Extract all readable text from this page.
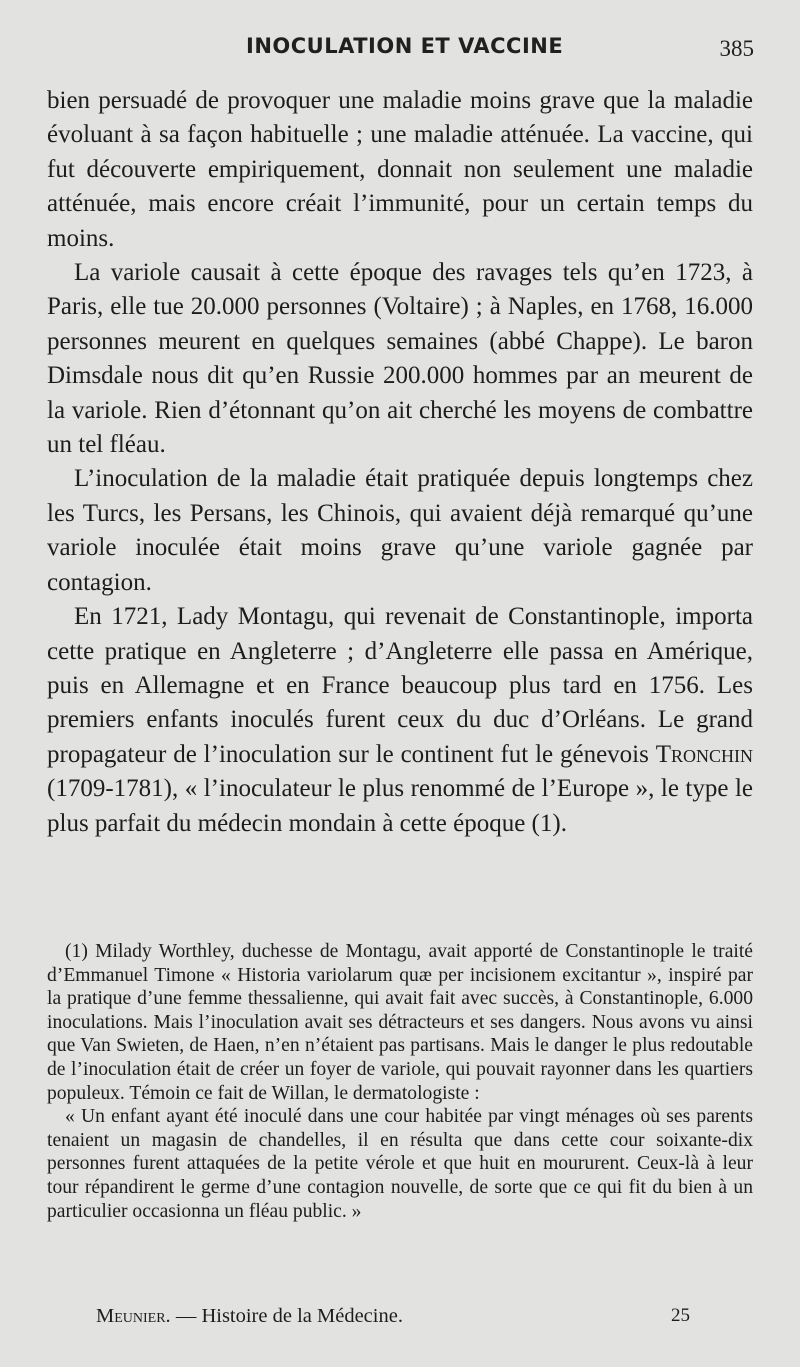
INOCULATION ET VACCINE	385

bien persuadé de provoquer une maladie moins grave que la maladie évoluant à sa façon habituelle ; une maladie atténuée. La vaccine, qui fut découverte empiriquement, donnait non seulement une maladie atténuée, mais encore créait l’immunité, pour un certain temps du moins.

La variole causait à cette époque des ravages tels qu’en 1723, à Paris, elle tue 20.000 personnes (Voltaire) ; à Naples, en 1768, 16.000 personnes meurent en quelques semaines (abbé Chappe). Le baron Dimsdale nous dit qu’en Russie 200.000 hommes par an meurent de la variole. Rien d’étonnant qu’on ait cherché les moyens de combattre un tel fléau.

L’inoculation de la maladie était pratiquée depuis longtemps chez les Turcs, les Persans, les Chinois, qui avaient déjà remarqué qu’une variole inoculée était moins grave qu’une variole gagnée par contagion.

En 1721, Lady Montagu, qui revenait de Constantinople, importa cette pratique en Angleterre ; d’Angleterre elle passa en Amérique, puis en Allemagne et en France beaucoup plus tard en 1756. Les premiers enfants inoculés furent ceux du duc d’Orléans. Le grand propagateur de l’inoculation sur le continent fut le génevois Tronchin (1709-1781), « l’inoculateur le plus renommé de l’Europe », le type le plus parfait du médecin mondain à cette époque (1).

(1) Milady Worthley, duchesse de Montagu, avait apporté de Constantinople le traité d’Emmanuel Timone « Historia variolarum quæ per incisionem excitantur », inspiré par la pratique d’une femme thessalienne, qui avait fait avec succès, à Constantinople, 6.000 inoculations. Mais l’inoculation avait ses détracteurs et ses dangers. Nous avons vu ainsi que Van Swieten, de Haen, n’en n’étaient pas partisans. Mais le danger le plus redoutable de l’inoculation était de créer un foyer de variole, qui pouvait rayonner dans les quartiers populeux. Témoin ce fait de Willan, le dermatologiste :

« Un enfant ayant été inoculé dans une cour habitée par vingt ménages où ses parents tenaient un magasin de chandelles, il en résulta que dans cette cour soixante-dix personnes furent attaquées de la petite vérole et que huit en moururent. Ceux-là à leur tour répandirent le germe d’une contagion nouvelle, de sorte que ce qui fit du bien à un particulier occasionna un fléau public. »

Meunier. — Histoire de la Médecine.	25
